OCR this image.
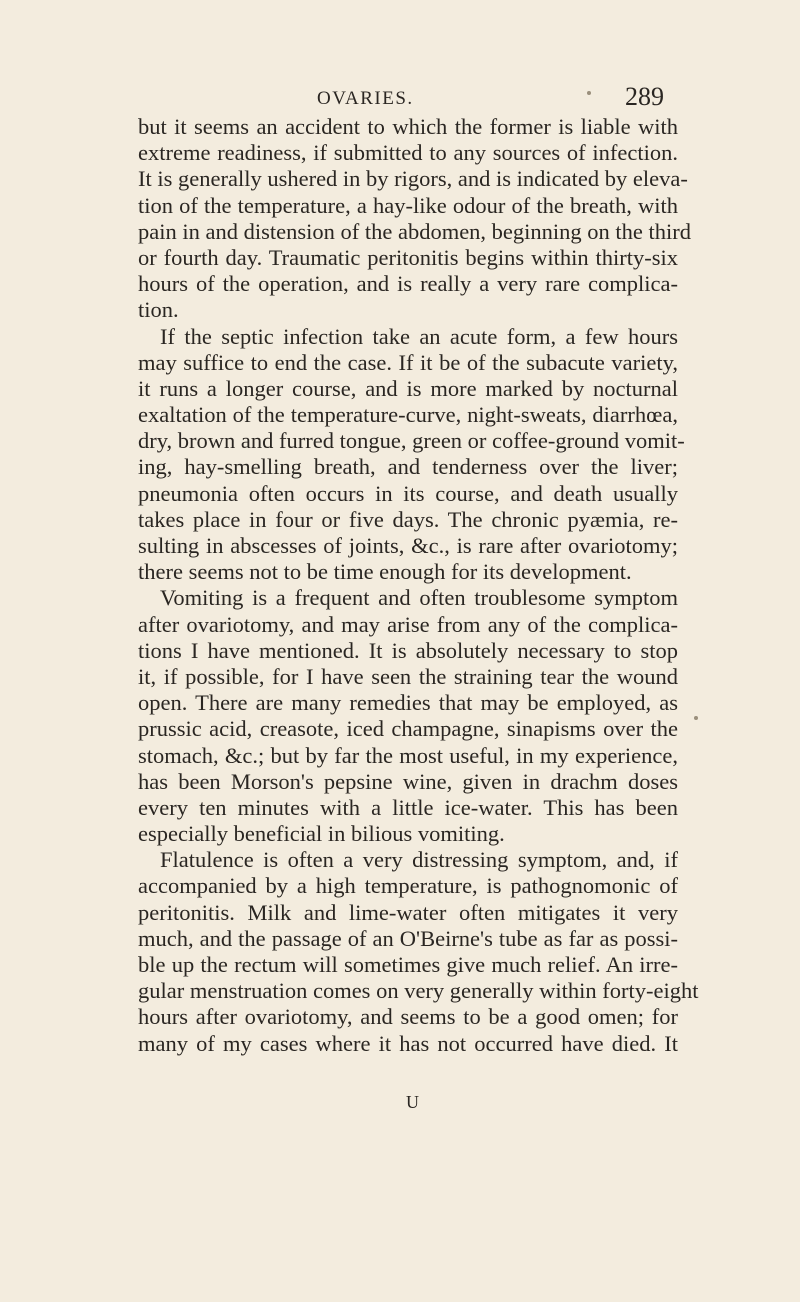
OVARIES.	289
but it seems an accident to which the former is liable with
extreme readiness, if submitted to any sources of infection.
It is generally ushered in by rigors, and is indicated by eleva-
tion of the temperature, a hay-like odour of the breath, with
pain in and distension of the abdomen, beginning on the third
or fourth day. Traumatic peritonitis begins within thirty-six
hours of the operation, and is really a very rare complica-
tion.
If the septic infection take an acute form, a few hours
may suffice to end the case. If it be of the subacute variety,
it runs a longer course, and is more marked by nocturnal
exaltation of the temperature-curve, night-sweats, diarrhœa,
dry, brown and furred tongue, green or coffee-ground vomit-
ing, hay-smelling breath, and tenderness over the liver;
pneumonia often occurs in its course, and death usually
takes place in four or five days. The chronic pyæmia, re-
sulting in abscesses of joints, &c., is rare after ovariotomy;
there seems not to be time enough for its development.
Vomiting is a frequent and often troublesome symptom
after ovariotomy, and may arise from any of the complica-
tions I have mentioned. It is absolutely necessary to stop
it, if possible, for I have seen the straining tear the wound
open. There are many remedies that may be employed, as
prussic acid, creasote, iced champagne, sinapisms over the
stomach, &c.; but by far the most useful, in my experience,
has been Morson's pepsine wine, given in drachm doses
every ten minutes with a little ice-water. This has been
especially beneficial in bilious vomiting.
Flatulence is often a very distressing symptom, and, if
accompanied by a high temperature, is pathognomonic of
peritonitis. Milk and lime-water often mitigates it very
much, and the passage of an O'Beirne's tube as far as possi-
ble up the rectum will sometimes give much relief. An irre-
gular menstruation comes on very generally within forty-eight
hours after ovariotomy, and seems to be a good omen; for
many of my cases where it has not occurred have died. It
U
